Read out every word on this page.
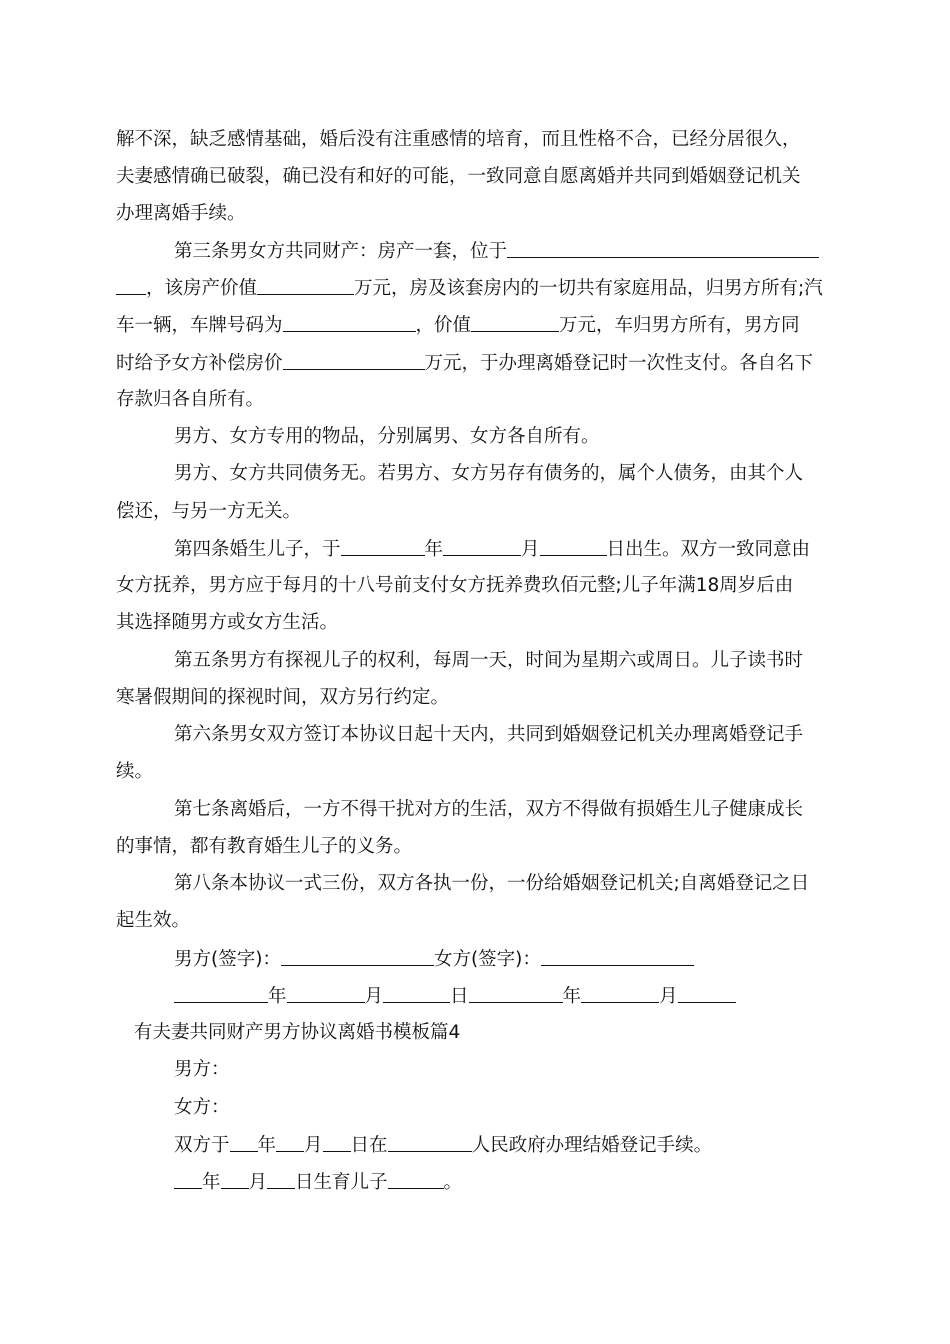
解不深，缺乏感情基础，婚后没有注重感情的培育，而且性格不合，已经分居很久，
夫妻感情确已破裂，确已没有和好的可能，一致同意自愿离婚并共同到婚姻登记机关
办理离婚手续。
第三条男女方共同财产：房产一套，位于
，该房产价值	万元，房及该套房内的一切共有家庭用品，归男方所有;汽
车一辆，车牌号码为	，价值	万元，车归男方所有，男方同
时给予女方补偿房价	万元，于办理离婚登记时一次性支付。各自名下
存款归各自所有。
男方、女方专用的物品，分别属男、女方各自所有。
男方、女方共同债务无。若男方、女方另存有债务的，属个人债务，由其个人
偿还，与另一方无关。
第四条婚生儿子，于	年	月	日出生。双方一致同意由
女方抚养，男方应于每月的十八号前支付女方抚养费玖佰元整;儿子年满18周岁后由
其选择随男方或女方生活。
第五条男方有探视儿子的权利，每周一天，时间为星期六或周日。儿子读书时
寒暑假期间的探视时间，双方另行约定。
第六条男女双方签订本协议日起十天内，共同到婚姻登记机关办理离婚登记手
续。
第七条离婚后，一方不得干扰对方的生活，双方不得做有损婚生儿子健康成长
的事情，都有教育婚生儿子的义务。
第八条本协议一式三份，双方各执一份，一份给婚姻登记机关;自离婚登记之日
起生效。
男方(签字)：	女方(签字)：
年	月	日	年	月
有夫妻共同财产男方协议离婚书模板篇4
男方：
女方：
双方于 年 月 日在	人民政府办理结婚登记手续。
年 月 日生育儿子	。
